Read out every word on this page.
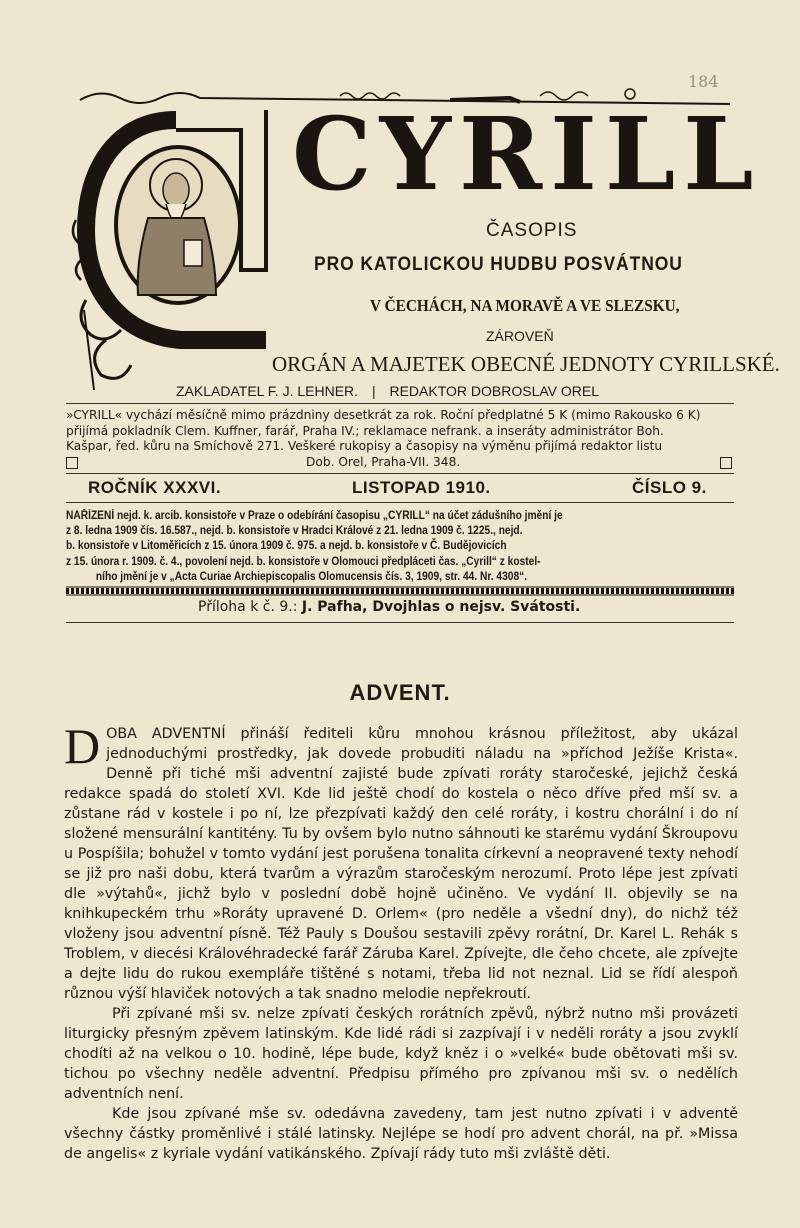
184
CYRILL
ČASOPIS
PRO KATOLICKOU HUDBU POSVÁTNOU
V ČECHÁCH, NA MORAVĚ A VE SLEZSKU,
ZÁROVEŇ
ORGÁN A MAJETEK OBECNÉ JEDNOTY CYRILLSKÉ.
ZAKLADATEL F. J. LEHNER. | REDAKTOR DOBROSLAV OREL

»CYRILL« vychází měsíčně mimo prázdniny desetkrát za rok. Roční předplatné 5 K (mimo Rakousko 6 K)

přijímá pokladník Clem. Kuffner, farář, Praha IV.; reklamace nefrank. a inseráty administrátor Boh.

Kašpar, řed. kůru na Smíchově 271. Veškeré rukopisy a časopisy na výměnu přijímá redaktor listu

Dob. Orel, Praha-VII. 348.
ROČNÍK XXXVI.	LISTOPAD 1910.	ČÍSLO 9.

NAŘÍZENÍ nejd. k. arcib. konsistoře v Praze o odebírání časopisu „CYRILL“ na účet zádušního jmění je

z 8. ledna 1909 čís. 16.587., nejd. b. konsistoře v Hradci Králové z 21. ledna 1909 č. 1225., nejd.

b. konsistoře v Litoměřicích z 15. února 1909 č. 975. a nejd. b. konsistoře v Č. Budějovicích

z 15. února r. 1909. č. 4., povolení nejd. b. konsistoře v Olomouci předpláceti čas. „Cyrill“ z kostel-

ního jmění je v „Acta Curiae Archiepiscopalis Olomucensis čís. 3, 1909, str. 44. Nr. 4308“.

Příloha k č. 9.: J. Pafha, Dvojhlas o nejsv. Svátosti.
ADVENT.

DOBA ADVENTNÍ přináší řediteli kůru mnohou krásnou příležitost, aby ukázal jednoduchými prostředky, jak dovede probuditi náladu na »příchod Ježíše Krista«. Denně při tiché mši adventní zajisté bude zpívati roráty staročeské, jejichž česká redakce spadá do století XVI. Kde lid ještě chodí do kostela o něco dříve před mší sv. a zůstane rád v kostele i po ní, lze přezpívati každý den celé roráty, i kostru chorální i do ní složené mensurální kantitény. Tu by ovšem bylo nutno sáhnouti ke starému vydání Škroupovu u Pospíšila; bohužel v tomto vydání jest porušena tonalita církevní a neopravené texty nehodí se již pro naši dobu, která tvarům a výrazům staročeským nerozumí. Proto lépe jest zpívati dle »výtahů«, jichž bylo v poslední době hojně učiněno. Ve vydání II. objevily se na knihkupeckém trhu »Roráty upravené D. Orlem« (pro neděle a všední dny), do nichž též vloženy jsou adventní písně. Též Pauly s Doušou sestavili zpěvy rorátní, Dr. Karel L. Rehák s Troblem, v diecési Královéhradecké farář Záruba Karel. Zpívejte, dle čeho chcete, ale zpívejte a dejte lidu do rukou exempláře tištěné s notami, třeba lid not neznal. Lid se řídí alespoň různou výší hlaviček notových a tak snadno melodie nepřekroutí.

Při zpívané mši sv. nelze zpívati českých rorátních zpěvů, nýbrž nutno mši provázeti liturgicky přesným zpěvem latinským. Kde lidé rádi si zazpívají i v neděli roráty a jsou zvyklí chodíti až na velkou o 10. hodině, lépe bude, když kněz i o »velké« bude obětovati mši sv. tichou po všechny neděle adventní. Předpisu přímého pro zpívanou mši sv. o nedělích adventních není.

Kde jsou zpívané mše sv. odedávna zavedeny, tam jest nutno zpívati i v adventě všechny částky proměnlivé i stálé latinsky. Nejlépe se hodí pro advent chorál, na př. »Missa de angelis« z kyriale vydání vatikánského. Zpívají rády tuto mši zvláště děti.
